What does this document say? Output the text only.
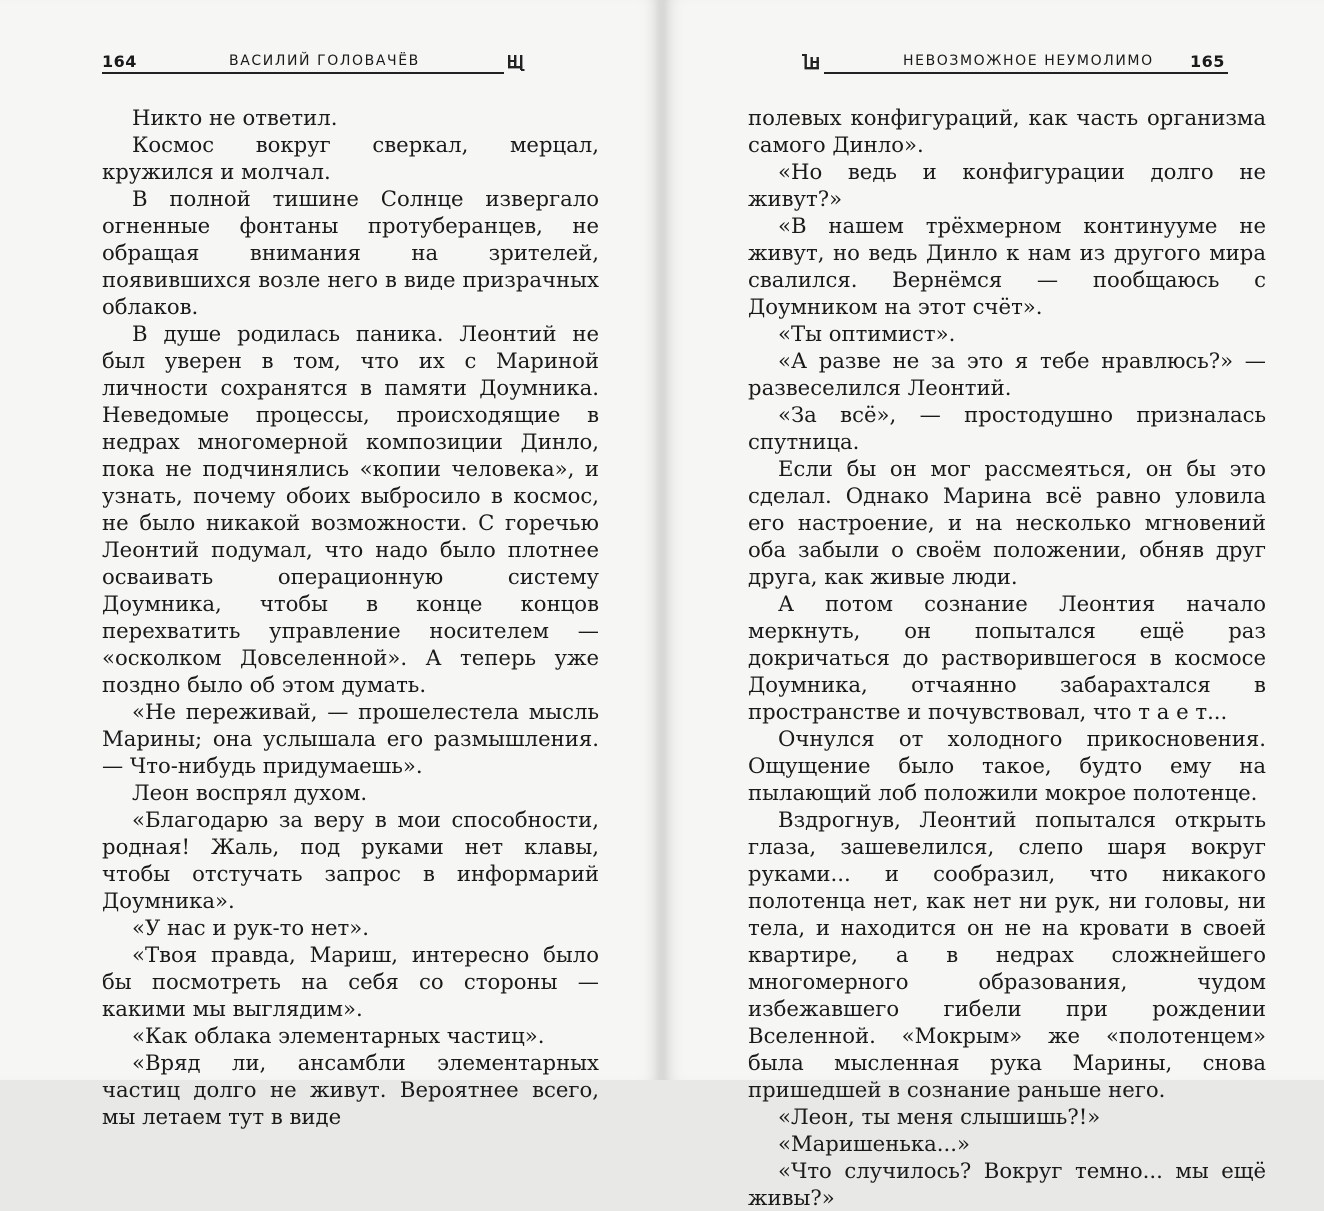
164	ВАСИЛИЙ ГОЛОВАЧЁВ

Никто не ответил.

Космос вокруг сверкал, мерцал, кружился и молчал.

В полной тишине Солнце извергало огненные фонтаны протуберанцев, не обращая внимания на зрителей, появившихся возле него в виде призрачных облаков.

В душе родилась паника. Леонтий не был уверен в том, что их с Мариной личности сохранятся в памяти Доумника. Неведомые процессы, происходящие в недрах многомерной композиции Динло, пока не подчинялись «копии человека», и узнать, почему обоих выбросило в космос, не было никакой возможности. С горечью Леонтий подумал, что надо было плотнее осваивать операционную систему Доумника, чтобы в конце концов перехватить управление носителем — «осколком Довселенной». А теперь уже поздно было об этом думать.

«Не переживай, — прошелестела мысль Марины; она услышала его размышления. — Что-нибудь придумаешь».

Леон воспрял духом.

«Благодарю за веру в мои способности, родная! Жаль, под руками нет клавы, чтобы отстучать запрос в информарий Доумника».

«У нас и рук-то нет».

«Твоя правда, Мариш, интересно было бы посмотреть на себя со стороны — какими мы выглядим».

«Как облака элементарных частиц».

«Вряд ли, ансамбли элементарных частиц долго не живут. Вероятнее всего, мы летаем тут в виде

НЕВОЗМОЖНОЕ НЕУМОЛИМО 165

полевых конфигураций, как часть организма самого Динло».

«Но ведь и конфигурации долго не живут?»

«В нашем трёхмерном континууме не живут, но ведь Динло к нам из другого мира свалился. Вернёмся — пообщаюсь с Доумником на этот счёт».

«Ты оптимист».

«А разве не за это я тебе нравлюсь?» — развеселился Леонтий.

«За всё», — простодушно призналась спутница.

Если бы он мог рассмеяться, он бы это сделал. Однако Марина всё равно уловила его настроение, и на несколько мгновений оба забыли о своём положении, обняв друг друга, как живые люди.

А потом сознание Леонтия начало меркнуть, он попытался ещё раз докричаться до растворившегося в космосе Доумника, отчаянно забарахтался в пространстве и почувствовал, что т а е т...

Очнулся от холодного прикосновения. Ощущение было такое, будто ему на пылающий лоб положили мокрое полотенце.

Вздрогнув, Леонтий попытался открыть глаза, зашевелился, слепо шаря вокруг руками... и сообразил, что никакого полотенца нет, как нет ни рук, ни головы, ни тела, и находится он не на кровати в своей квартире, а в недрах сложнейшего многомерного образования, чудом избежавшего гибели при рождении Вселенной. «Мокрым» же «полотенцем» была мысленная рука Марины, снова пришедшей в сознание раньше него.

«Леон, ты меня слышишь?!»

«Маришенька...»

«Что случилось? Вокруг темно... мы ещё живы?»
